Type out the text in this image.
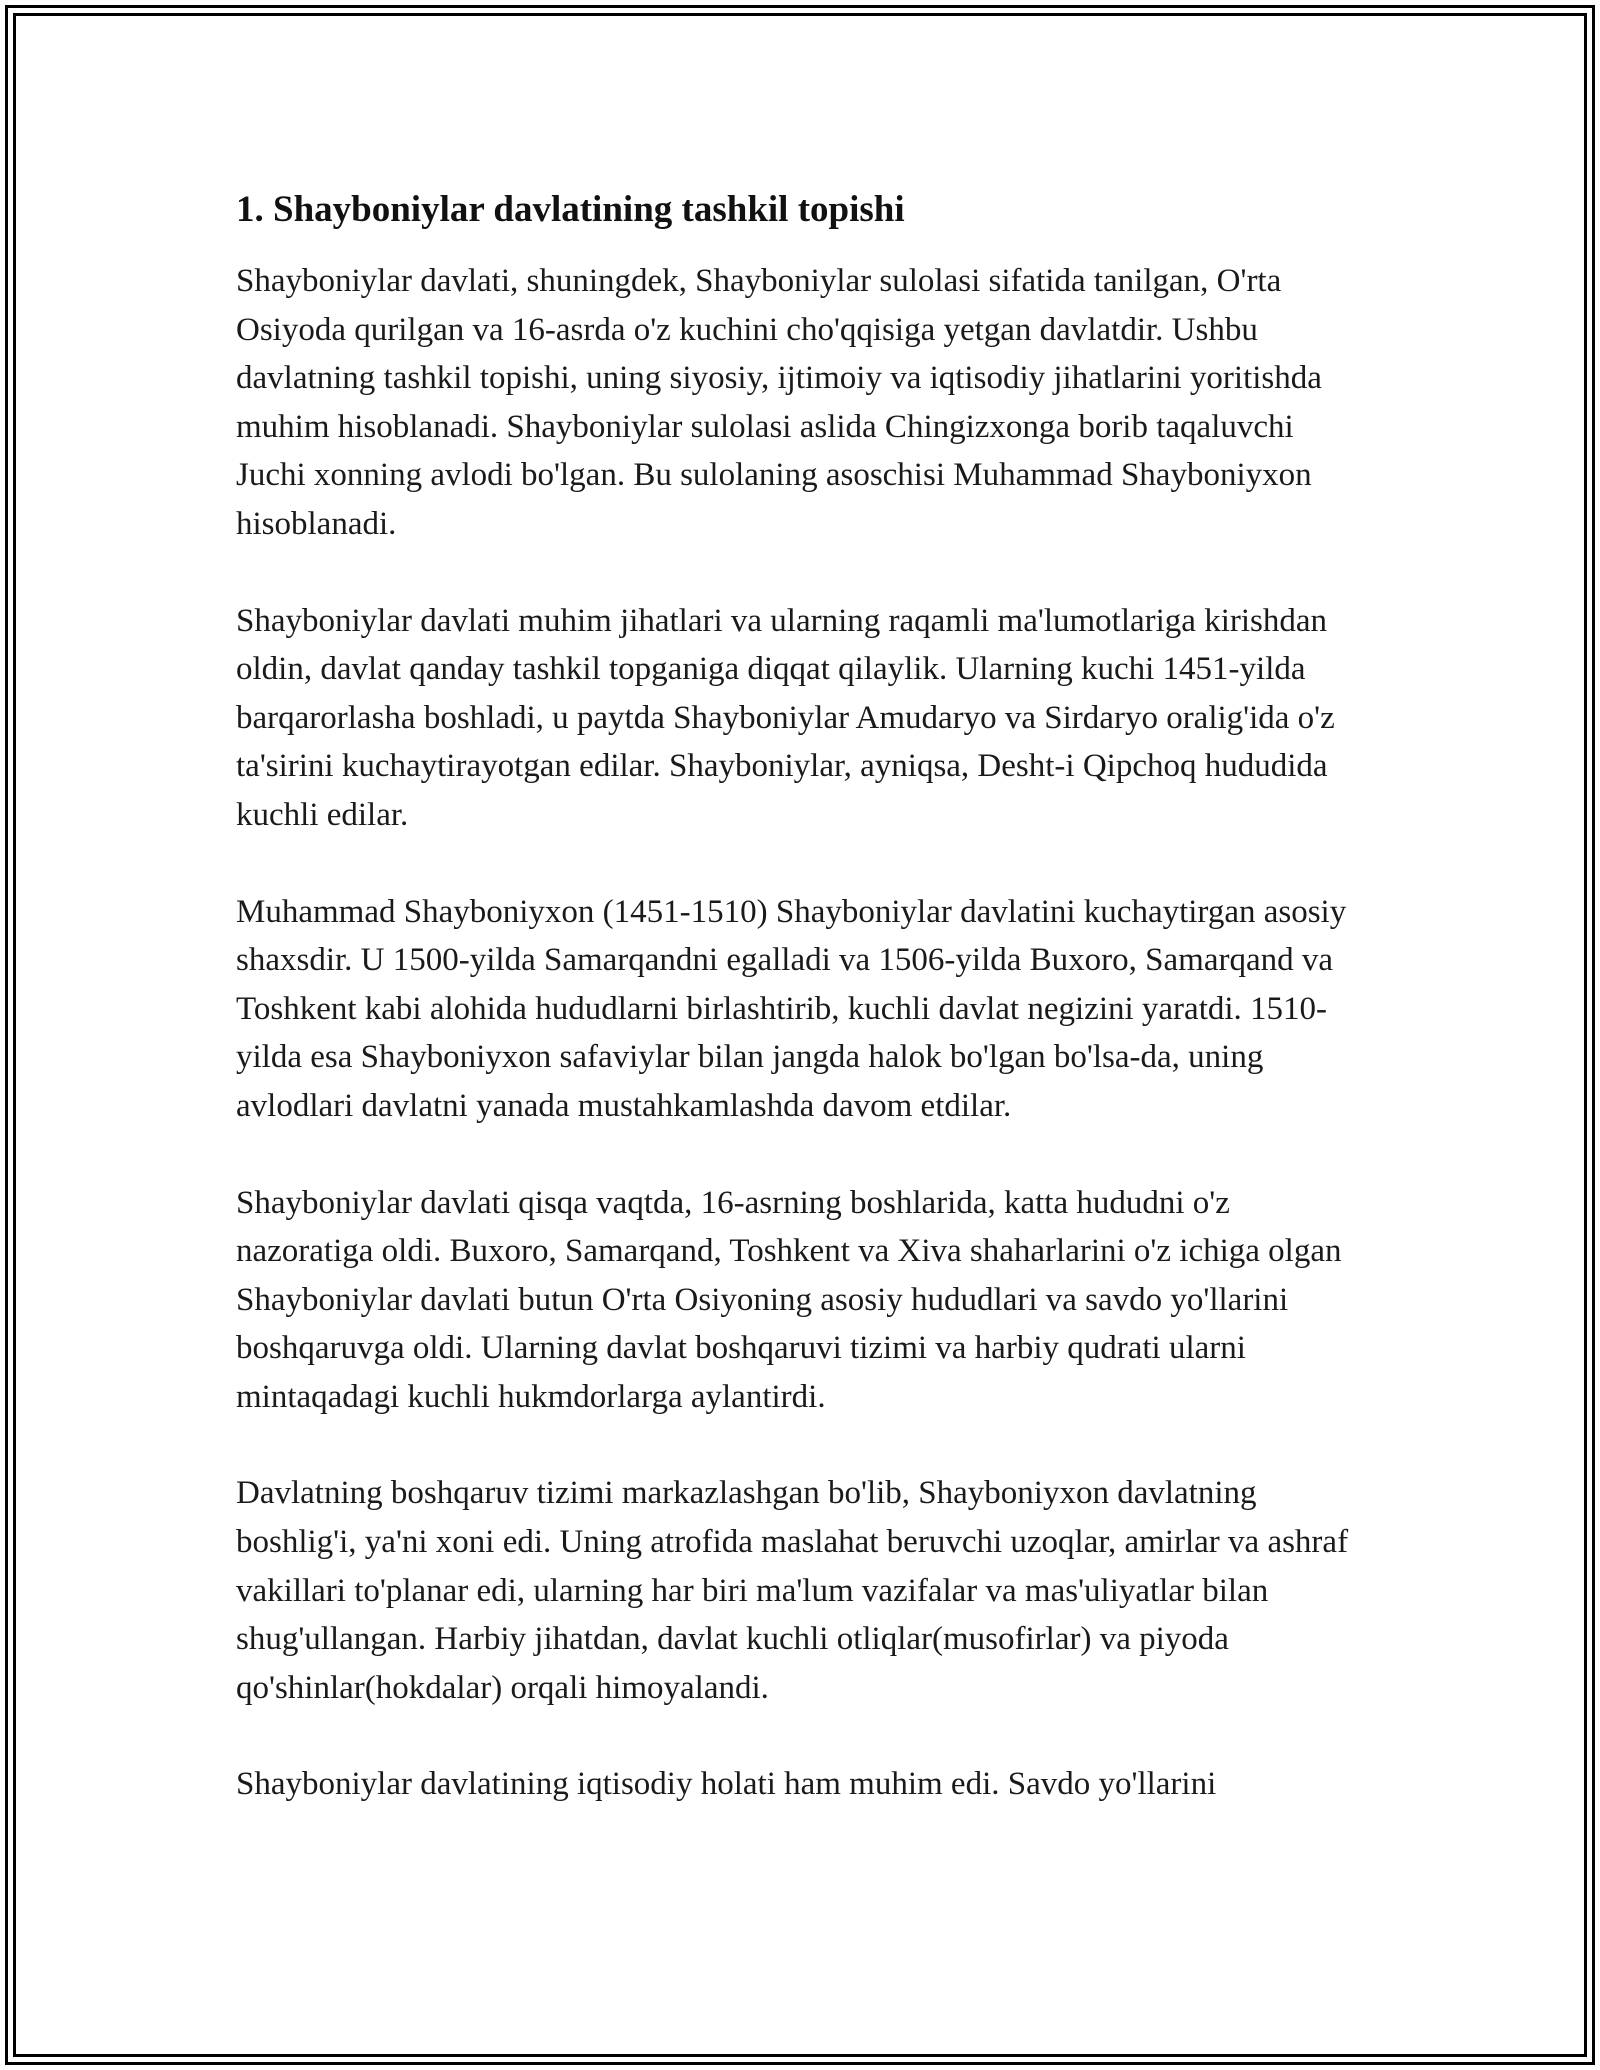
1. Shayboniylar davlatining tashkil topishi

Shayboniylar davlati, shuningdek, Shayboniylar sulolasi sifatida tanilgan, O'rta Osiyoda qurilgan va 16-asrda o'z kuchini cho'qqisiga yetgan davlatdir. Ushbu davlatning tashkil topishi, uning siyosiy, ijtimoiy va iqtisodiy jihatlarini yoritishda muhim hisoblanadi. Shayboniylar sulolasi aslida Chingizxonga borib taqaluvchi Juchi xonning avlodi bo'lgan. Bu sulolaning asoschisi Muhammad Shayboniyxon hisoblanadi.

Shayboniylar davlati muhim jihatlari va ularning raqamli ma'lumotlariga kirishdan oldin, davlat qanday tashkil topganiga diqqat qilaylik. Ularning kuchi 1451-yilda barqarorlasha boshladi, u paytda Shayboniylar Amudaryo va Sirdaryo oralig'ida o'z ta'sirini kuchaytirayotgan edilar. Shayboniylar, ayniqsa, Desht-i Qipchoq hududida kuchli edilar.

Muhammad Shayboniyxon (1451-1510) Shayboniylar davlatini kuchaytirgan asosiy shaxsdir. U 1500-yilda Samarqandni egalladi va 1506-yilda Buxoro, Samarqand va Toshkent kabi alohida hududlarni birlashtirib, kuchli davlat negizini yaratdi. 1510-yilda esa Shayboniyxon safaviylar bilan jangda halok bo'lgan bo'lsa-da, uning avlodlari davlatni yanada mustahkamlashda davom etdilar.

Shayboniylar davlati qisqa vaqtda, 16-asrning boshlarida, katta hududni o'z nazoratiga oldi. Buxoro, Samarqand, Toshkent va Xiva shaharlarini o'z ichiga olgan Shayboniylar davlati butun O'rta Osiyoning asosiy hududlari va savdo yo'llarini boshqaruvga oldi. Ularning davlat boshqaruvi tizimi va harbiy qudrati ularni mintaqadagi kuchli hukmdorlarga aylantirdi.

Davlatning boshqaruv tizimi markazlashgan bo'lib, Shayboniyxon davlatning boshlig'i, ya'ni xoni edi. Uning atrofida maslahat beruvchi uzoqlar, amirlar va ashraf vakillari to'planar edi, ularning har biri ma'lum vazifalar va mas'uliyatlar bilan shug'ullangan. Harbiy jihatdan, davlat kuchli otliqlar(musofirlar) va piyoda qo'shinlar(hokdalar) orqali himoyalandi.

Shayboniylar davlatining iqtisodiy holati ham muhim edi. Savdo yo'llarini
